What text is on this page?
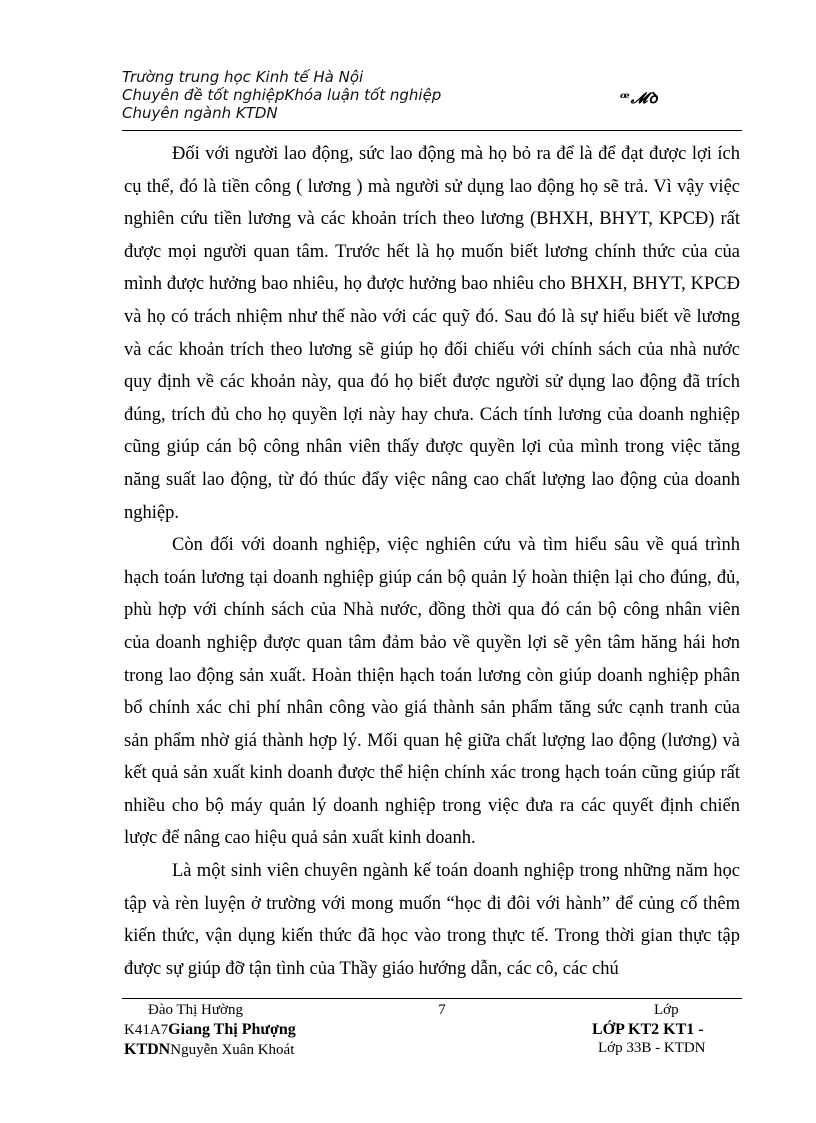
Trường trung học Kinh tế Hà Nội
Chuyên đề tốt nghiệpKhóa luận tốt nghiệp
Chuyên ngành KTDN
ꟹ𝓜ꝺ

Đối với người lao động, sức lao động mà họ bỏ ra để là để đạt được lợi ích cụ thể, đó là tiền công ( lương ) mà người sử dụng lao động họ sẽ trả. Vì vậy việc nghiên cứu tiền lương và các khoản trích theo lương (BHXH, BHYT, KPCĐ) rất được mọi người quan tâm. Trước hết là họ muốn biết lương chính thức của của mình được hưởng bao nhiêu, họ được hưởng bao nhiêu cho BHXH, BHYT, KPCĐ và họ có trách nhiệm như thế nào với các quỹ đó. Sau đó là sự hiểu biết về lương và các khoản trích theo lương sẽ giúp họ đối chiếu với chính sách của nhà nước quy định về các khoản này, qua đó họ biết được người sử dụng lao động đã trích đúng, trích đủ cho họ quyền lợi này hay chưa. Cách tính lương của doanh nghiệp cũng giúp cán bộ công nhân viên thấy được quyền lợi của mình trong việc tăng năng suất lao động, từ đó thúc đẩy việc nâng cao chất lượng lao động của doanh nghiệp.

Còn đối với doanh nghiệp, việc nghiên cứu và tìm hiểu sâu về quá trình hạch toán lương tại doanh nghiệp giúp cán bộ quản lý hoàn thiện lại cho đúng, đủ, phù hợp với chính sách của Nhà nước, đồng thời qua đó cán bộ công nhân viên của doanh nghiệp được quan tâm đảm bảo về quyền lợi sẽ yên tâm hăng hái hơn trong lao động sản xuất. Hoàn thiện hạch toán lương còn giúp doanh nghiệp phân bổ chính xác chi phí nhân công vào giá thành sản phẩm tăng sức cạnh tranh của sản phẩm nhờ giá thành hợp lý. Mối quan hệ giữa chất lượng lao động (lương) và kết quả sản xuất kinh doanh được thể hiện chính xác trong hạch toán cũng giúp rất nhiều cho bộ máy quản lý doanh nghiệp trong việc đưa ra các quyết định chiến lược để nâng cao hiệu quả sản xuất kinh doanh.

Là một sinh viên chuyên ngành kế toán doanh nghiệp trong những năm học tập và rèn luyện ở trường với mong muốn “học đi đôi với hành” để củng cố thêm kiến thức, vận dụng kiến thức đã học vào trong thực tế. Trong thời gian thực tập được sự giúp đỡ tận tình của Thầy giáo hướng dẫn, các cô, các chú

Đào Thị Hường
K41A7Giang Thị Phượng
KTDNNguyễn Xuân Khoát
7	Lớp
LỚP KT2 KT1 -
Lớp 33B - KTDN
